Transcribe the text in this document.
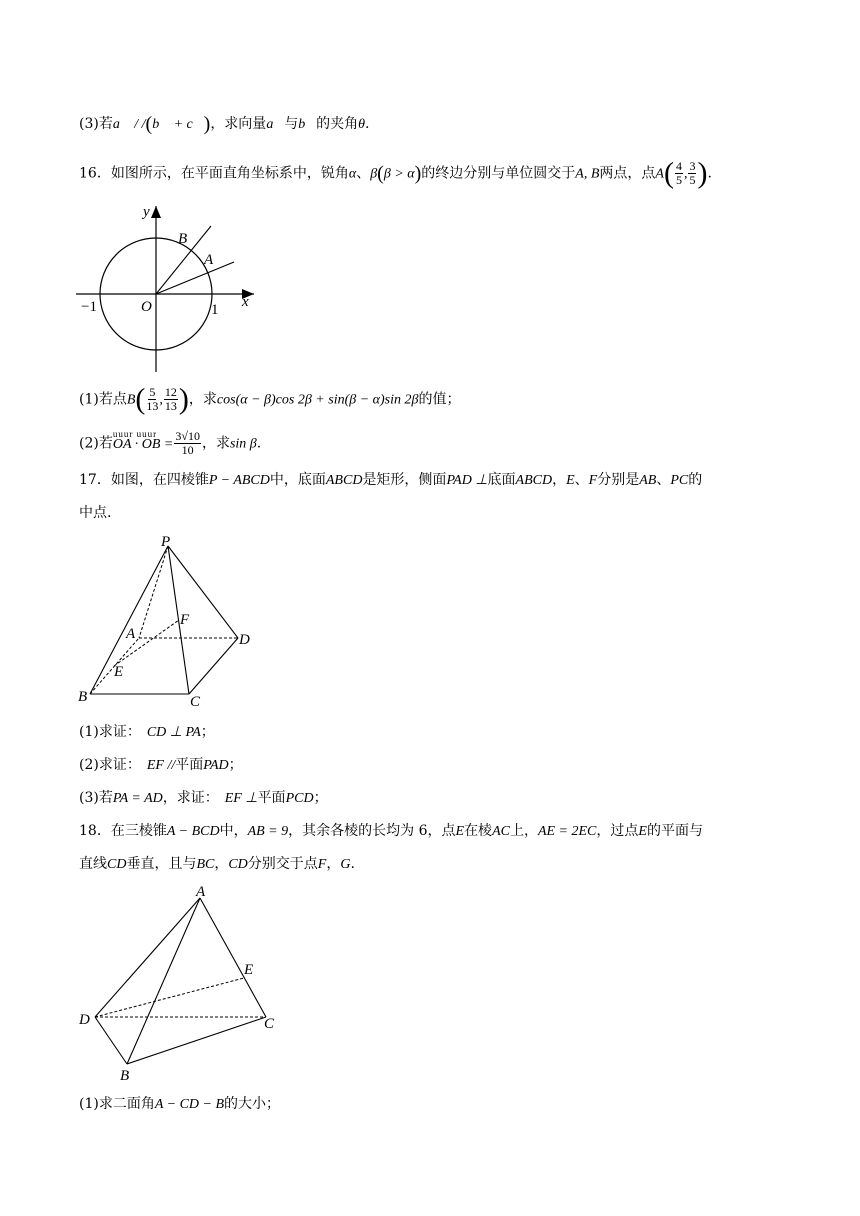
(3)若a⃗ / /(b⃗ + c⃗)，求向量a⃗与b⃗的夹角θ.
16．如图所示，在平面直角坐标系中，锐角α、β(β > α)的终边分别与单位圆交于A, B两点，点$A( \frac{4}{5}$ , $\frac{3}{5}$ ).
y
x
B
A
O
−1	1
(1)若点$B( \frac{5}{13}$ , $\frac{12}{13}$ )，求cos(α − β)cos 2β + sin(β − α)sin 2β的值；
(2)若
uuur uuur
OA · OB = $\frac{3√10}{10}$ ，求sin β.
17．如图，在四棱锥P − ABCD中，底面ABCD是矩形，侧面PAD ⊥底面ABCD，E、F分别是AB、PC的
中点.
P
A
F
D
E
B	C
(1)求证： CD ⊥ PA；
(2)求证： EF //平面PAD；
(3)若PA = AD，求证： EF ⊥平面PCD；
18．在三棱锥A − BCD中，AB = 9，其余各棱的长均为 6，点E在棱AC上，AE = 2EC，过点E的平面与
直线CD垂直，且与BC，CD分别交于点F，G.
A
E
D	C
B
(1)求二面角A − CD − B的大小；
